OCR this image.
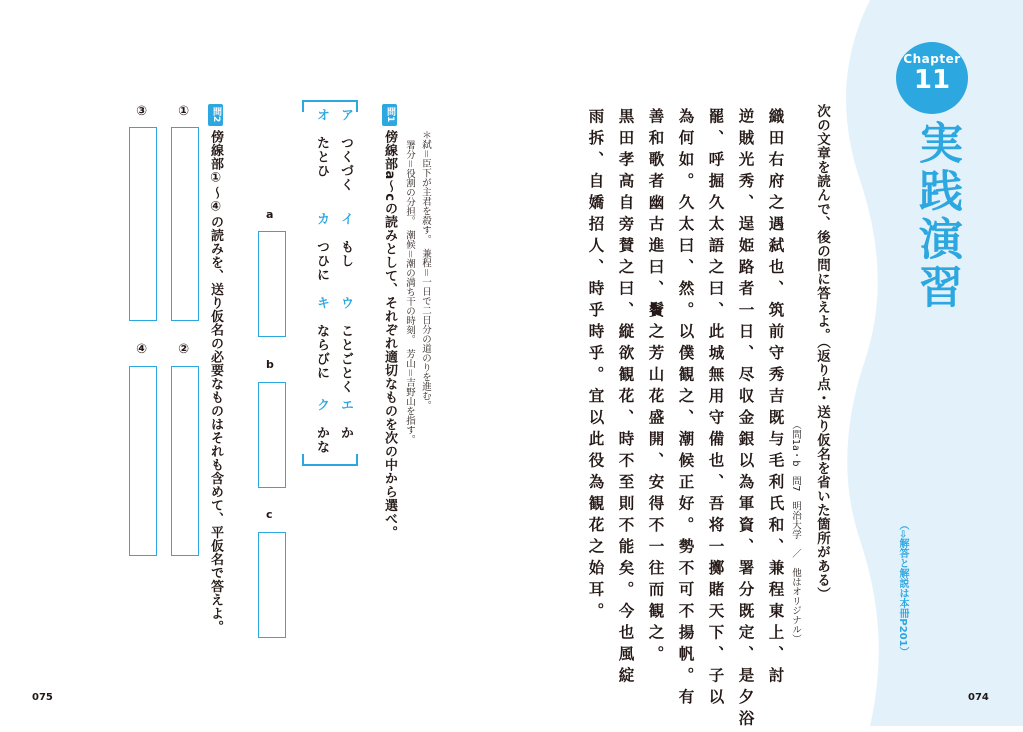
Chapter
11
実践演習
（⇨解答と解説は本冊P201）
次の文章を読んで、後の問に答えよ。（返り点・送り仮名を省いた箇所がある）
（問1a・b　問7　明治大学　／　他はオリジナル）
織田右府之遇弑也、筑前守秀吉既与毛利氏和、兼程東上、討
逆賊光秀、逞姫路者一日、尽収金銀以為軍資、署分既定、是夕浴
罷、呼掘久太語之曰、此城無用守備也、吾将一擲賭天下、子以
為何如。久太曰、然。以僕観之、潮候正好。勢不可不揚帆。有
善和歌者幽古進曰、鬢之芳山花盛開、安得不一往而観之。
黒田孝高自旁賛之曰、縦欲観花、時不至則不能矣。今也風綻
雨拆、自嬌招人、時乎時乎。宜以此役為観花之始耳。
問1
傍線部a～cの読みとして、それぞれ適切なものを次の中から選べ。 ＊弑＝臣下が主君を殺す。　兼程＝一日で二日分の道のりを進む。
署分＝役割の分担。　潮候＝潮の満ち干の時刻。　芳山＝吉野山を指す。
ア　つくづく
イ　もし
ウ　ことごとく
エ　か
オ　たとひ
カ　つひに
キ　ならびに
ク　かな
a
b
c
問2
傍線部①～④の読みを、送り仮名の必要なものはそれも含めて、平仮名で答えよ。
①
②
③
④
075	074
